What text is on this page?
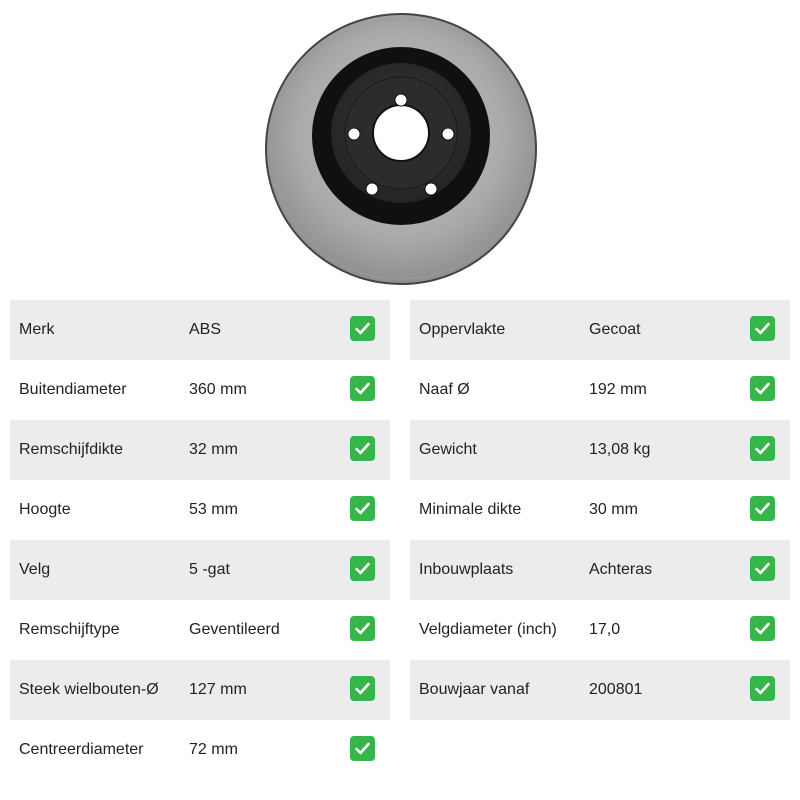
Merk	ABS
Buitendiameter	360 mm
Remschijfdikte	32 mm
Hoogte	53 mm
Velg	5 -gat
Remschijftype	Geventileerd
Steek wielbouten-Ø 127 mm
Centreerdiameter	72 mm
Oppervlakte	Gecoat
Naaf Ø	192 mm
Gewicht	13,08 kg
Minimale dikte	30 mm
Inbouwplaats	Achteras
Velgdiameter (inch) 17,0
Bouwjaar vanaf	200801
